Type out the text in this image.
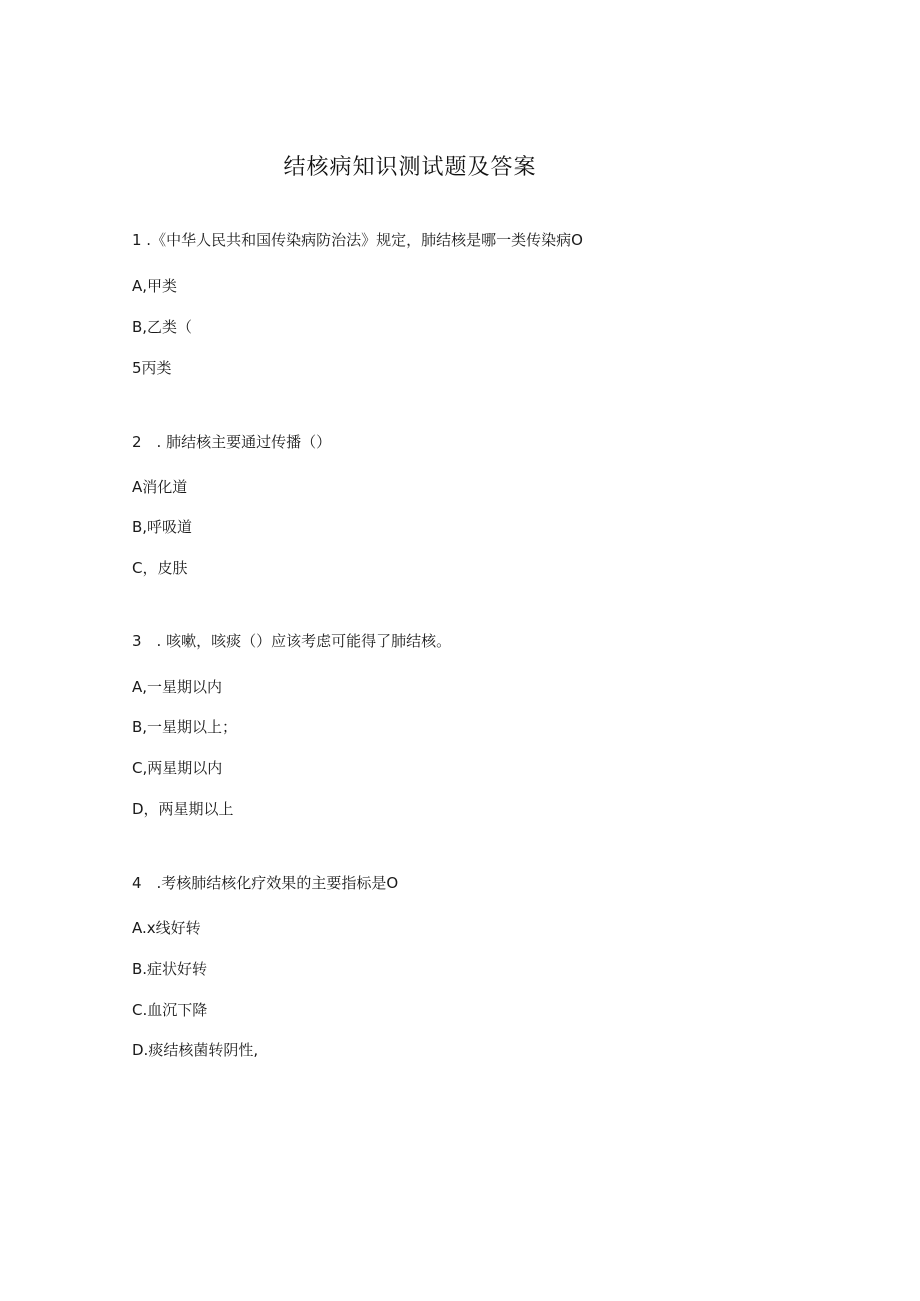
结核病知识测试题及答案
1 .《中华人民共和国传染病防治法》规定，肺结核是哪一类传染病O
A,甲类
B,乙类（
5丙类
2　. 肺结核主要通过传播（）
A消化道
B,呼吸道
C，皮肤
3　. 咳嗽，咳痰（）应该考虑可能得了肺结核。
A,一星期以内
B,一星期以上；
C,两星期以内
D，两星期以上
4　.考核肺结核化疗效果的主要指标是O
A.x线好转
B.症状好转
C.血沉下降
D.痰结核菌转阴性,
